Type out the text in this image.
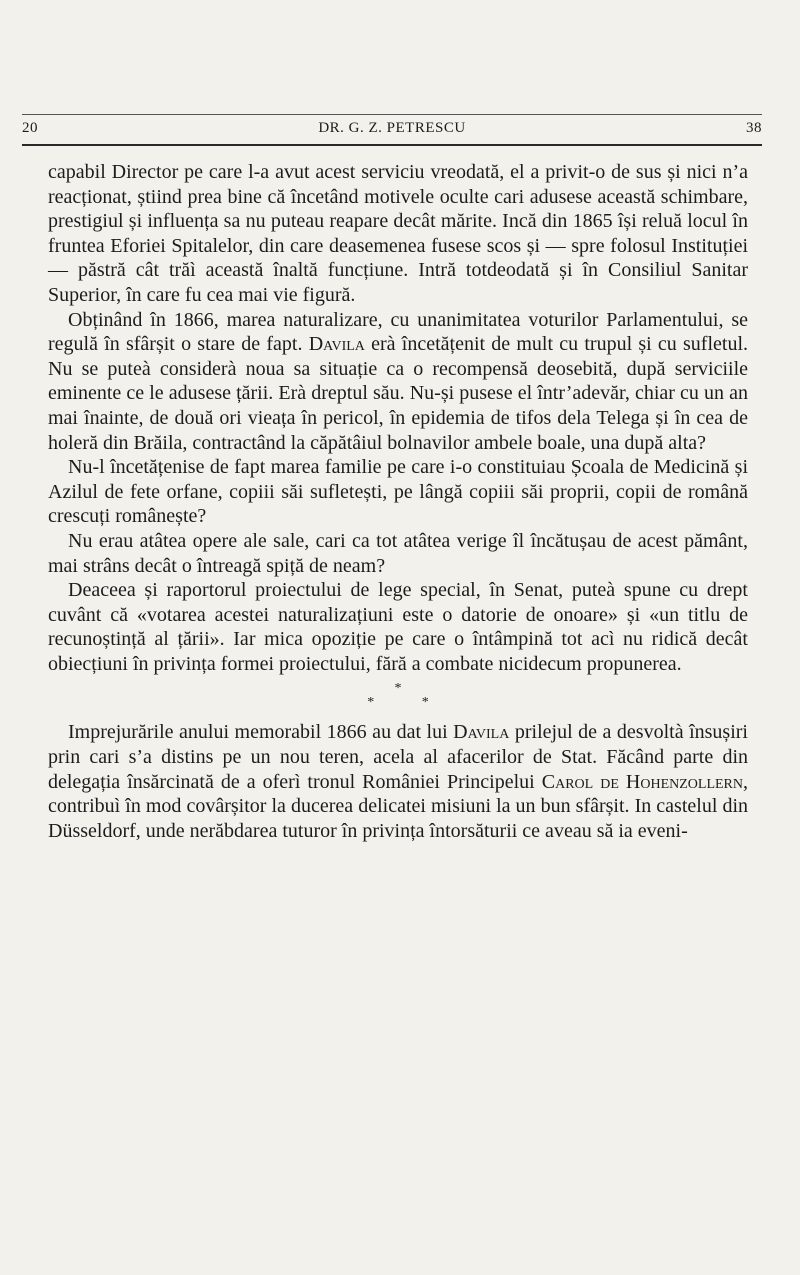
20	DR. G. Z. PETRESCU	38

capabil Director pe care l-a avut acest serviciu vreodată, el a privit-o de sus și nici n’a reacționat, știind prea bine că încetând motivele oculte cari adusese această schimbare, prestigiul și influența sa nu puteau reapare decât mărite. Incă din 1865 își reluă locul în fruntea Eforiei Spitalelor, din care deasemenea fusese scos și — spre folosul Instituției — păstră cât trăì această înaltă funcțiune. Intră totdeodată și în Consiliul Sanitar Superior, în care fu cea mai vie figură.

Obținând în 1866, marea naturalizare, cu unanimitatea voturilor Parlamentului, se regulă în sfârșit o stare de fapt. Davila erà încetățenit de mult cu trupul și cu sufletul. Nu se puteà considerà noua sa situație ca o recompensă deosebită, după serviciile eminente ce le adusese țării. Erà dreptul său. Nu-și pusese el într’adevăr, chiar cu un an mai înainte, de două ori vieața în pericol, în epidemia de tifos dela Telega și în cea de holeră din Brăila, contractând la căpătâiul bolnavilor ambele boale, una după alta?

Nu-l încetățenise de fapt marea familie pe care i-o constituiau Școala de Medicină și Azilul de fete orfane, copiii săi sufletești, pe lângă copiii săi proprii, copii de română crescuți românește?

Nu erau atâtea opere ale sale, cari ca tot atâtea verige îl încătușau de acest pământ, mai strâns decât o întreagă spiță de neam?

Deaceea și raportorul proiectului de lege special, în Senat, puteà spune cu drept cuvânt că «votarea acestei naturalizațiuni este o datorie de onoare» și «un titlu de recunoștință al țării». Iar mica opoziție pe care o întâmpină tot acì nu ridică decât obiecțiuni în privința formei proiectului, fără a combate nicidecum propunerea.

*
* *

Imprejurările anului memorabil 1866 au dat lui Davila prilejul de a desvoltà însușiri prin cari s’a distins pe un nou teren, acela al afacerilor de Stat. Făcând parte din delegația însărcinată de a oferì tronul României Principelui Carol de Hohenzollern, contribuì în mod covârșitor la ducerea delicatei misiuni la un bun sfârșit. In castelul din Düsseldorf, unde nerăbdarea tuturor în privința întorsăturii ce aveau să ia eveni-
